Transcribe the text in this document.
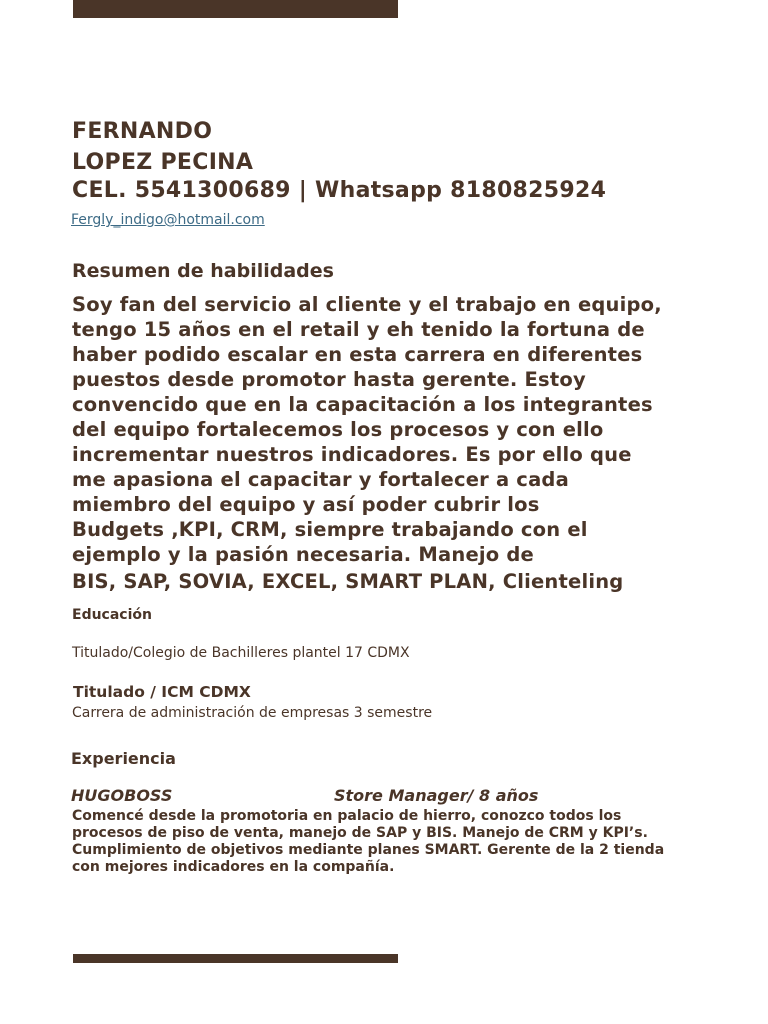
FERNANDO
LOPEZ PECINA
CEL. 5541300689 | Whatsapp 8180825924
Fergly_indigo@hotmail.com
Resumen de habilidades
Soy fan del servicio al cliente y el trabajo en equipo,
tengo 15 años en el retail y eh tenido la fortuna de
haber podido escalar en esta carrera en diferentes
puestos desde promotor hasta gerente. Estoy
convencido que en la capacitación a los integrantes
del equipo fortalecemos los procesos y con ello
incrementar nuestros indicadores. Es por ello que
me apasiona el capacitar y fortalecer a cada
miembro del equipo y así poder cubrir los
Budgets ,KPI, CRM, siempre trabajando con el
ejemplo y la pasión necesaria. Manejo de
BIS, SAP, SOVIA, EXCEL, SMART PLAN, Clienteling
Educación
Titulado/Colegio de Bachilleres plantel 17 CDMX
Titulado / ICM CDMX
Carrera de administración de empresas 3 semestre
Experiencia
HUGOBOSS	Store Manager/ 8 años
Comencé desde la promotoria en palacio de hierro, conozco todos los
procesos de piso de venta, manejo de SAP y BIS. Manejo de CRM y KPI’s.
Cumplimiento de objetivos mediante planes SMART. Gerente de la 2 tienda
con mejores indicadores en la compañía.
